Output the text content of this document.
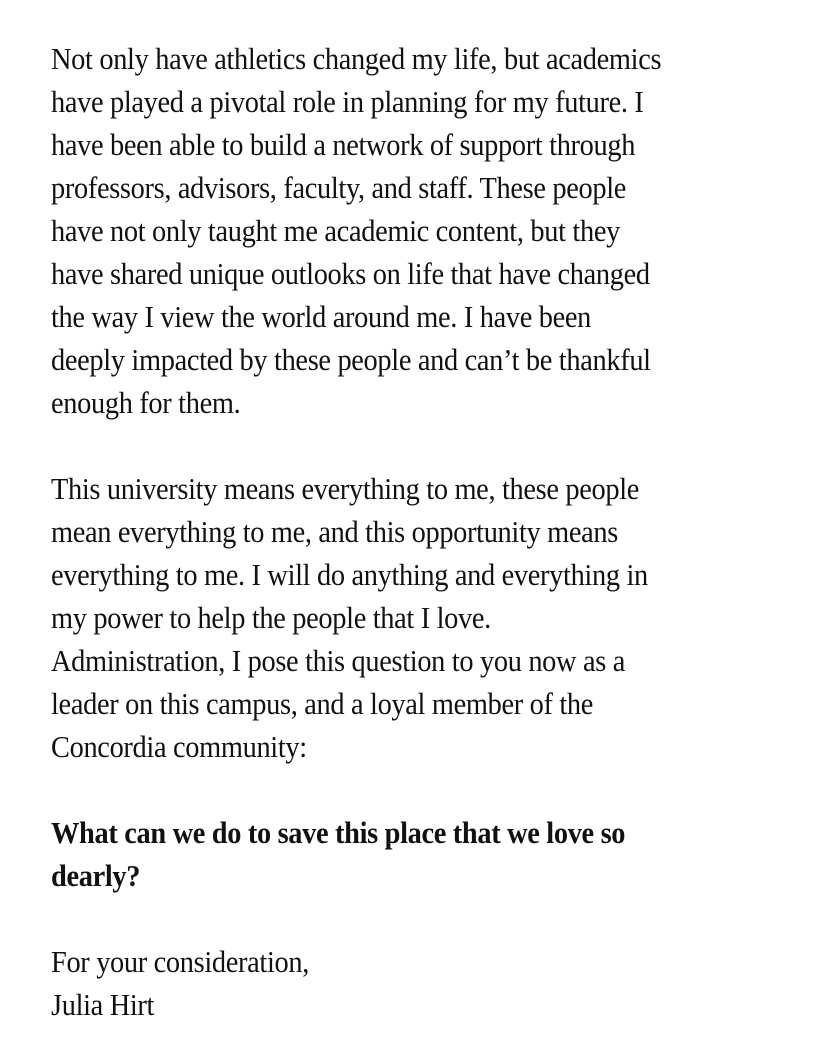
Not only have athletics changed my life, but academics
have played a pivotal role in planning for my future. I
have been able to build a network of support through
professors, advisors, faculty, and staff. These people
have not only taught me academic content, but they
have shared unique outlooks on life that have changed
the way I view the world around me. I have been
deeply impacted by these people and can’t be thankful
enough for them.

This university means everything to me, these people
mean everything to me, and this opportunity means
everything to me. I will do anything and everything in
my power to help the people that I love.
Administration, I pose this question to you now as a
leader on this campus, and a loyal member of the
Concordia community:

What can we do to save this place that we love so
dearly?

For your consideration,
Julia Hirt
